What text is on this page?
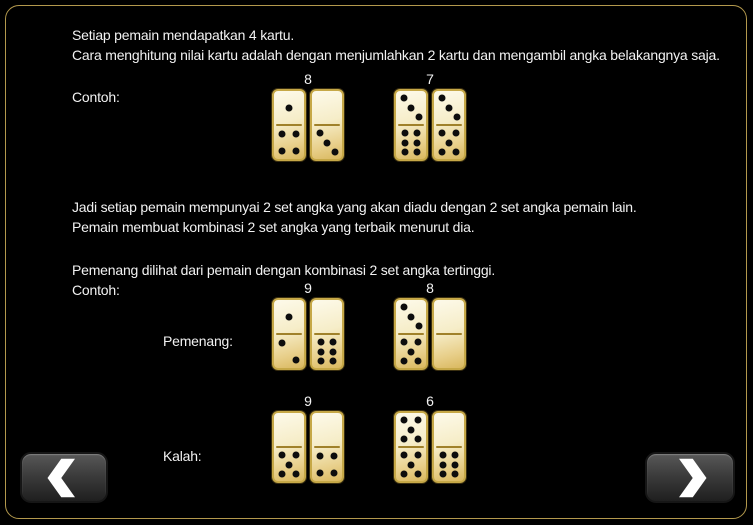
Setiap pemain mendapatkan 4 kartu.
Cara menghitung nilai kartu adalah dengan menjumlahkan 2 kartu dan mengambil angka belakangnya saja.
Contoh:
8	7
Jadi setiap pemain mempunyai 2 set angka yang akan diadu dengan 2 set angka pemain lain.
Pemain membuat kombinasi 2 set angka yang terbaik menurut dia.
Pemenang dilihat dari pemain dengan kombinasi 2 set angka tertinggi.
Contoh:
Pemenang:
9	8
Kalah:
9	6
